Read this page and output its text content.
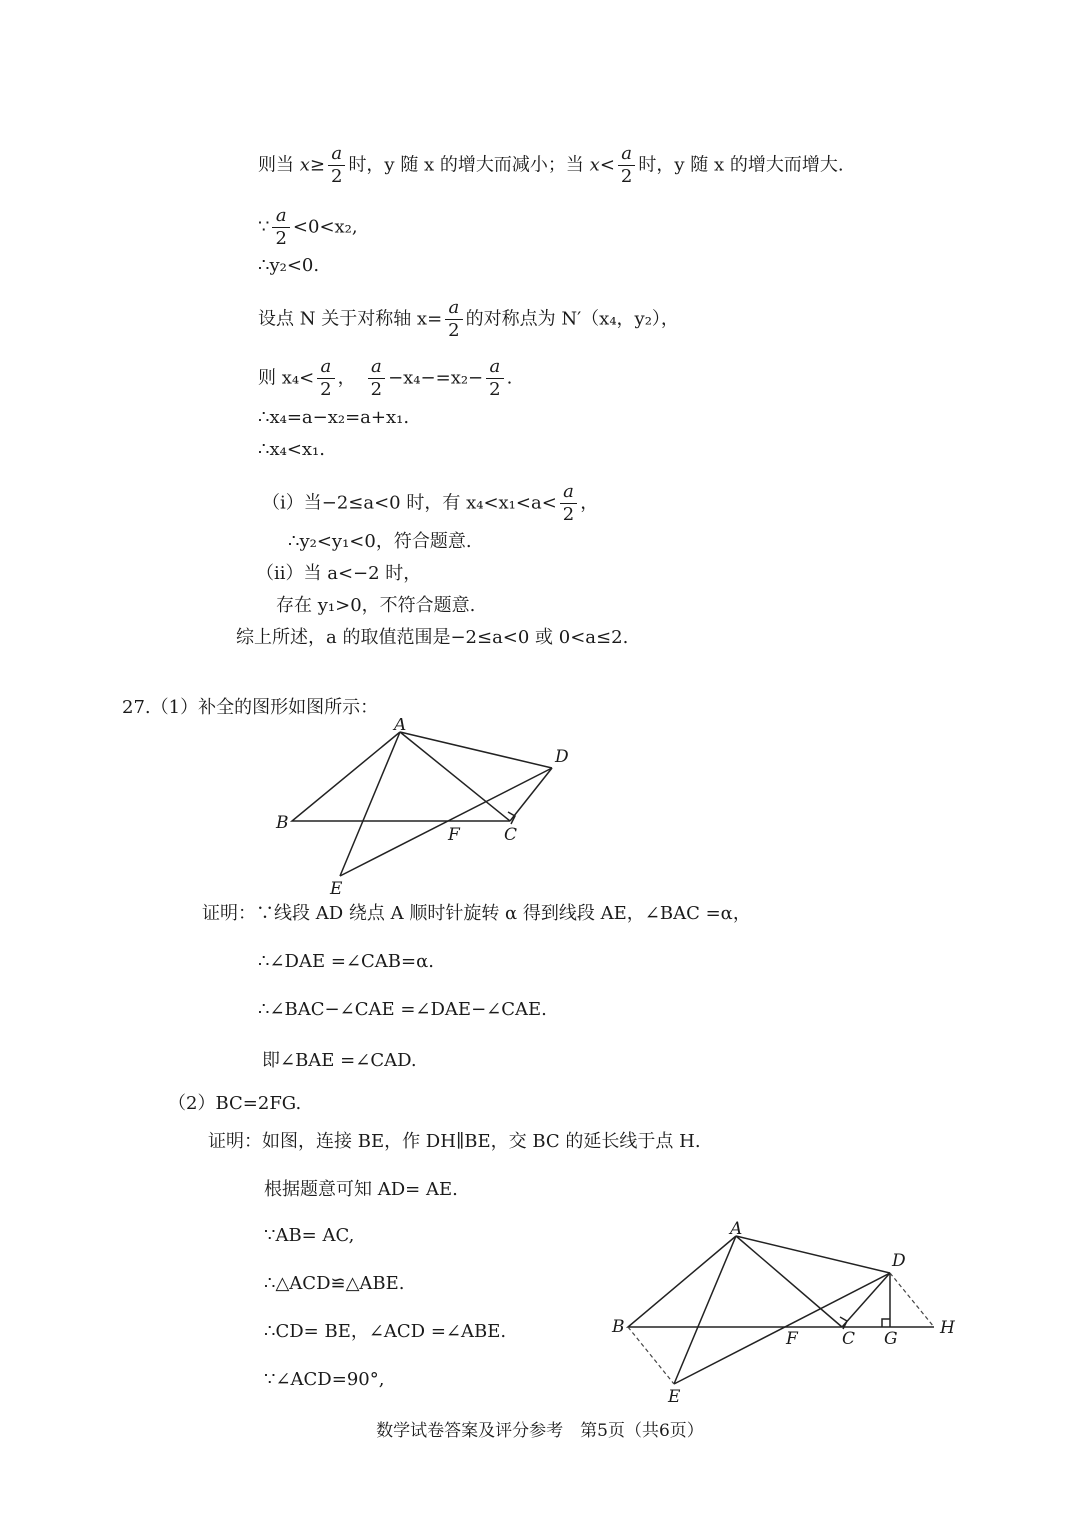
则当 $x\ge \frac{a}{2}$ 时，y 随 x 的增大而减小；当 $x< \frac{a}{2}$ 时，y 随 x 的增大而增大.
∵ $\frac{a}{2} <0<x_2$,
∴y₂<0.
设点 N 关于对称轴 $x= \frac{a}{2}$ 的对称点为 N′（x₄，y₂），
则 $x_4< \frac{a}{2}$ ，　 $\frac{a}{2} -x_4-=x_2- \frac{a}{2}$ .
∴x₄=a−x₂=a+x₁.
∴x₄<x₁.
（i）当−2≤a<0 时，有 $x_4<x_1<a< \frac{a}{2}$ ，
∴y₂<y₁<0，符合题意.
（ii）当 a<−2 时，
存在 y₁>0，不符合题意.
综上所述，a 的取值范围是−2≤a<0 或 0<a≤2.
27.（1）补全的图形如图所示：
A
B
C
D
E
F
证明：∵线段 AD 绕点 A 顺时针旋转 α 得到线段 AE，∠BAC =α，
∴∠DAE =∠CAB=α.
∴∠BAC−∠CAE =∠DAE−∠CAE.
即∠BAE =∠CAD.
（2）BC=2FG.
证明：如图，连接 BE，作 DH∥BE，交 BC 的延长线于点 H.
根据题意可知 AD= AE.
∵AB= AC,
∴△ACD≌△ABE.
∴CD= BE，∠ACD =∠ABE.
∵∠ACD=90°,
A
B
C
D
E
F	G
H
数学试卷答案及评分参考　第5页（共6页）
